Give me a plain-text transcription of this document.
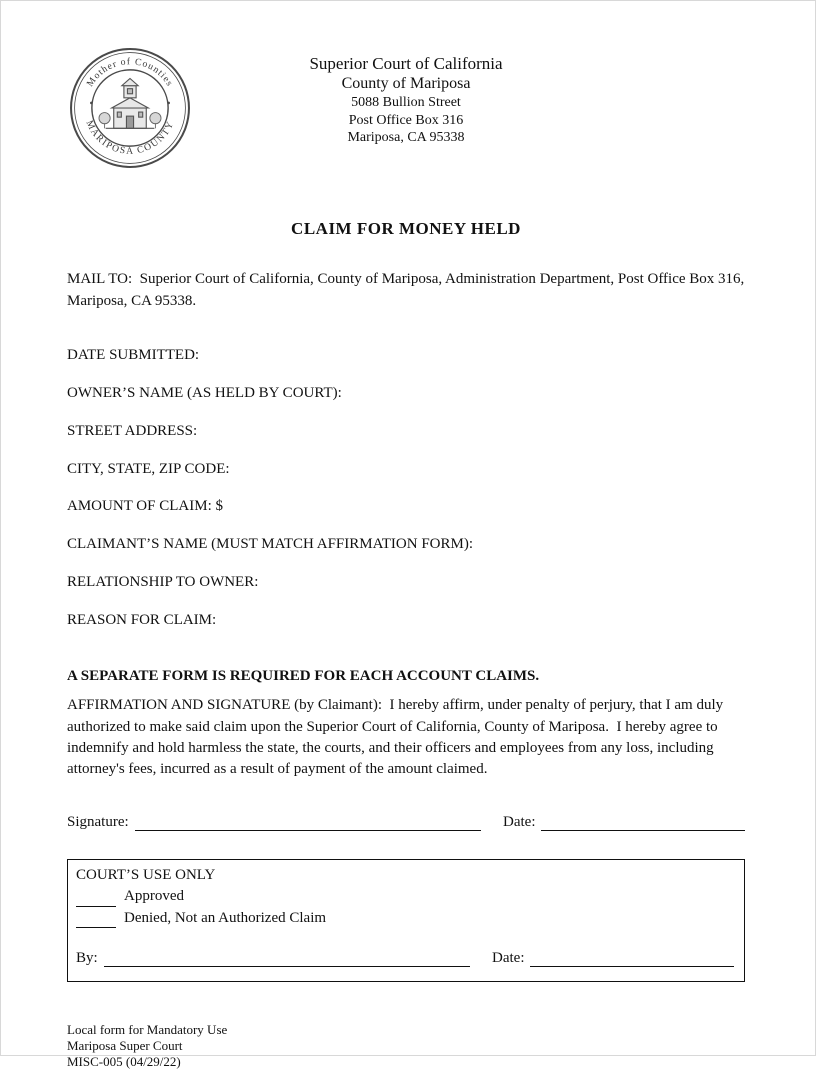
Mother of Counties
MARIPOSA COUNTY
Superior Court of California
County of Mariposa
5088 Bullion Street
Post Office Box 316
Mariposa, CA 95338
CLAIM FOR MONEY HELD

MAIL TO:  Superior Court of California, County of Mariposa, Administration Department, Post Office Box 316, Mariposa, CA 95338.

DATE SUBMITTED:

OWNER’S NAME (AS HELD BY COURT):

STREET ADDRESS:

CITY, STATE, ZIP CODE:

AMOUNT OF CLAIM: $

CLAIMANT’S NAME (MUST MATCH AFFIRMATION FORM):

RELATIONSHIP TO OWNER:

REASON FOR CLAIM:

A SEPARATE FORM IS REQUIRED FOR EACH ACCOUNT CLAIMS.

AFFIRMATION AND SIGNATURE (by Claimant):  I hereby affirm, under penalty of perjury, that I am duly authorized to make said claim upon the Superior Court of California, County of Mariposa.  I hereby agree to indemnify and hold harmless the state, the courts, and their officers and employees from any loss, including attorney's fees, incurred as a result of payment of the amount claimed.

Signature:	Date:
COURT’S USE ONLY
Approved
Denied, Not an Authorized Claim
By:	Date:
Local form for Mandatory Use
Mariposa Super Court
MISC-005 (04/29/22)
